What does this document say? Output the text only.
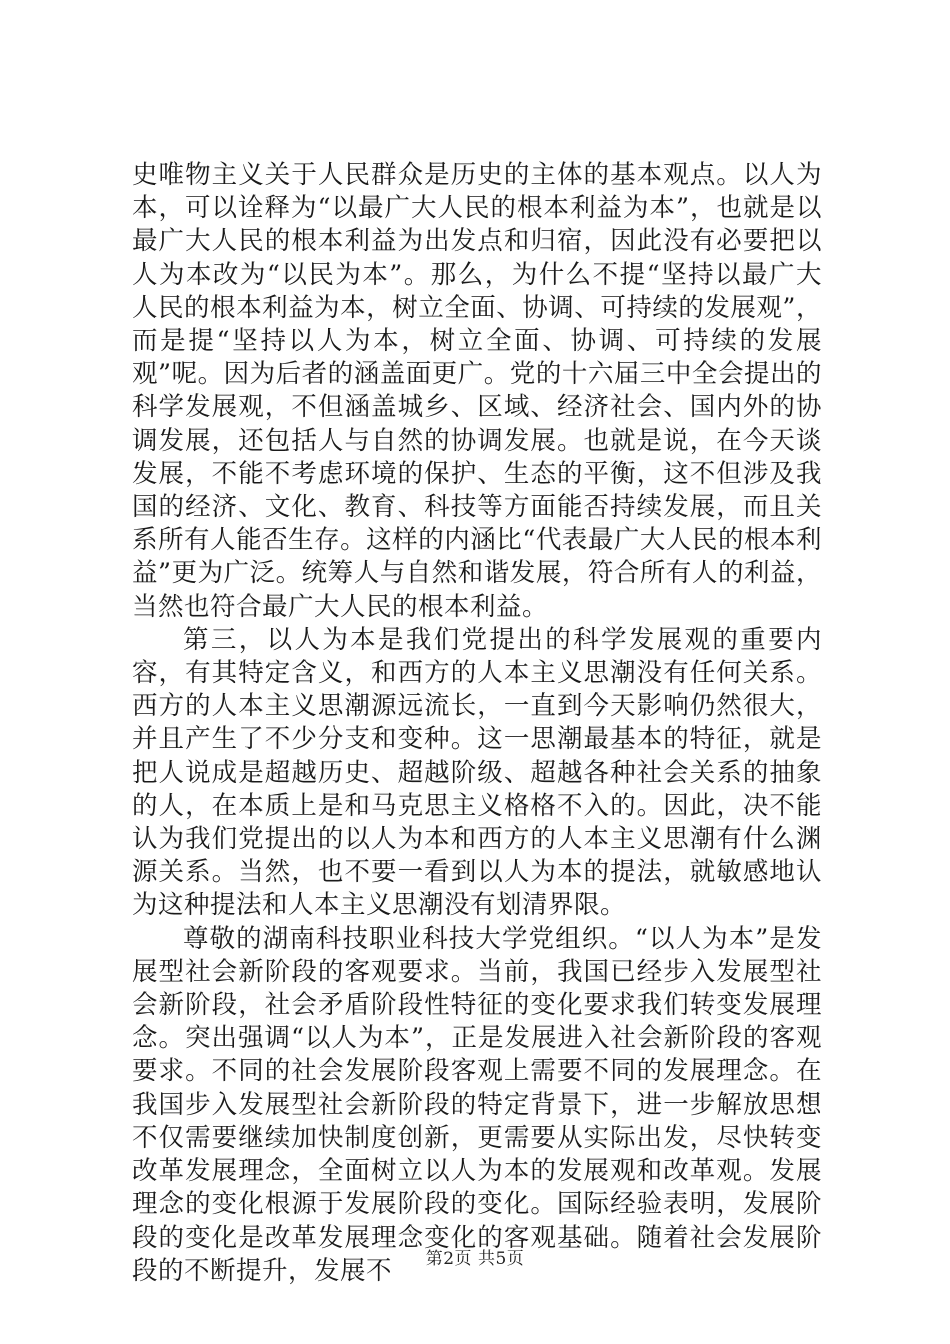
史唯物主义关于人民群众是历史的主体的基本观点。以人为本，可以诠释为“以最广大人民的根本利益为本”，也就是以最广大人民的根本利益为出发点和归宿，因此没有必要把以人为本改为“以民为本”。那么，为什么不提“坚持以最广大人民的根本利益为本，树立全面、协调、可持续的发展观”，而是提“坚持以人为本，树立全面、协调、可持续的发展观”呢。因为后者的涵盖面更广。党的十六届三中全会提出的科学发展观，不但涵盖城乡、区域、经济社会、国内外的协调发展，还包括人与自然的协调发展。也就是说，在今天谈发展，不能不考虑环境的保护、生态的平衡，这不但涉及我国的经济、文化、教育、科技等方面能否持续发展，而且关系所有人能否生存。这样的内涵比“代表最广大人民的根本利益”更为广泛。统筹人与自然和谐发展，符合所有人的利益，当然也符合最广大人民的根本利益。

第三，以人为本是我们党提出的科学发展观的重要内容，有其特定含义，和西方的人本主义思潮没有任何关系。西方的人本主义思潮源远流长，一直到今天影响仍然很大，并且产生了不少分支和变种。这一思潮最基本的特征，就是把人说成是超越历史、超越阶级、超越各种社会关系的抽象的人，在本质上是和马克思主义格格不入的。因此，决不能认为我们党提出的以人为本和西方的人本主义思潮有什么渊源关系。当然，也不要一看到以人为本的提法，就敏感地认为这种提法和人本主义思潮没有划清界限。

尊敬的湖南科技职业科技大学党组织。“以人为本”是发展型社会新阶段的客观要求。当前，我国已经步入发展型社会新阶段，社会矛盾阶段性特征的变化要求我们转变发展理念。突出强调“以人为本”，正是发展进入社会新阶段的客观要求。不同的社会发展阶段客观上需要不同的发展理念。在我国步入发展型社会新阶段的特定背景下，进一步解放思想不仅需要继续加快制度创新，更需要从实际出发，尽快转变改革发展理念，全面树立以人为本的发展观和改革观。发展理念的变化根源于发展阶段的变化。国际经验表明，发展阶段的变化是改革发展理念变化的客观基础。随着社会发展阶段的不断提升，发展不	第2页 共5页
